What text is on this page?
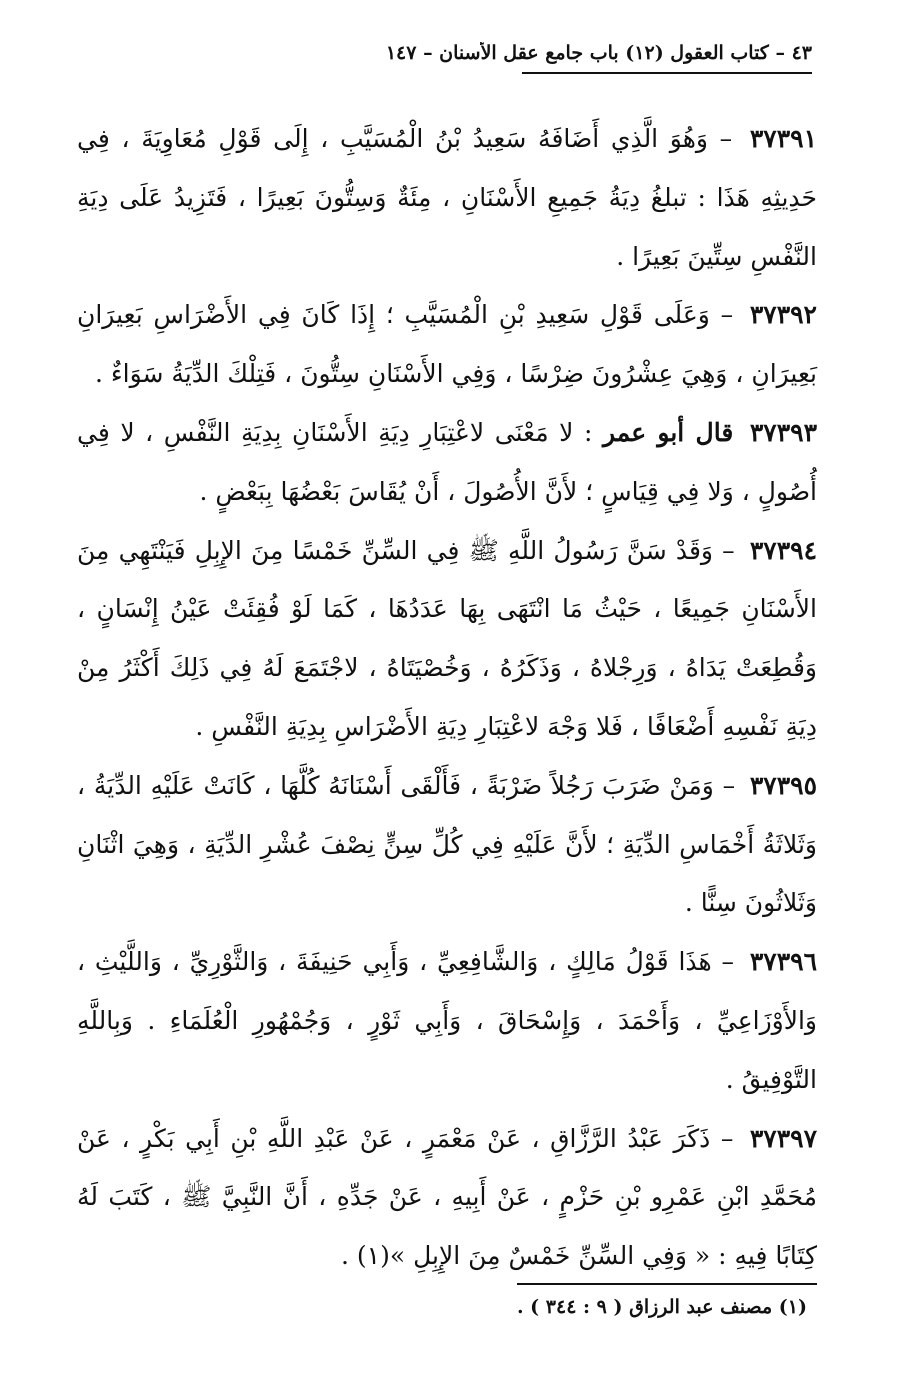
٤٣ – كتاب العقول (١٢) باب جامع عقل الأسنان – ١٤٧

٣٧٣٩١ – وَهُوَ الَّذِي أَضَافَهُ سَعِيدُ بْنُ الْمُسَيَّبِ ، إِلَى قَوْلِ مُعَاوِيَةَ ، فِي حَدِيثِهِ هَذَا : تبلغُ دِيَةُ جَمِيعِ الأَسْنَانِ ، مِئَةٌ وَسِتُّونَ بَعِيرًا ، فَتَزِيدُ عَلَى دِيَةِ النَّفْسِ سِتِّينَ بَعِيرًا .

٣٧٣٩٢ – وَعَلَى قَوْلِ سَعِيدِ بْنِ الْمُسَيَّبِ ؛ إِذَا كَانَ فِي الأَضْرَاسِ بَعِيرَانِ بَعِيرَانِ ، وَهِيَ عِشْرُونَ ضِرْسًا ، وَفِي الأَسْنَانِ سِتُّونَ ، فَتِلْكَ الدِّيَةُ سَوَاءٌ .

٣٧٣٩٣ قال أبو عمر : لا مَعْنَى لاعْتِبَارِ دِيَةِ الأَسْنَانِ بِدِيَةِ النَّفْسِ ، لا فِي أُصُولٍ ، وَلا فِي قِيَاسٍ ؛ لأَنَّ الأُصُولَ ، أَنْ يُقَاسَ بَعْضُهَا بِبَعْضٍ .

٣٧٣٩٤ – وَقَدْ سَنَّ رَسُولُ اللَّهِ ﷺ فِي السِّنِّ خَمْسًا مِنَ الإِبِلِ فَيَنْتَهِي مِنَ الأَسْنَانِ جَمِيعًا ، حَيْثُ مَا انْتَهَى بِهَا عَدَدُهَا ، كَمَا لَوْ فُقِئَتْ عَيْنُ إِنْسَانٍ ، وَقُطِعَتْ يَدَاهُ ، وَرِجْلاهُ ، وَذَكَرُهُ ، وَخُصْيَتَاهُ ، لاجْتَمَعَ لَهُ فِي ذَلِكَ أَكْثَرُ مِنْ دِيَةِ نَفْسِهِ أَضْعَافًا ، فَلا وَجْهَ لاعْتِبَارِ دِيَةِ الأَضْرَاسِ بِدِيَةِ النَّفْسِ .

٣٧٣٩٥ – وَمَنْ ضَرَبَ رَجُلاً ضَرْبَةً ، فَأَلْقَى أَسْنَانَهُ كُلَّهَا ، كَانَتْ عَلَيْهِ الدِّيَةُ ، وَثَلاثَةُ أَخْمَاسِ الدِّيَةِ ؛ لأَنَّ عَلَيْهِ فِي كُلِّ سِنٍّ نِصْفَ عُشْرِ الدِّيَةِ ، وَهِيَ اثْنَانِ وَثَلاثُونَ سِنًّا .

٣٧٣٩٦ – هَذَا قَوْلُ مَالِكٍ ، وَالشَّافِعِيِّ ، وَأَبِي حَنِيفَةَ ، وَالثَّوْرِيِّ ، وَاللَّيْثِ ، وَالأَوْزَاعِيِّ ، وَأَحْمَدَ ، وَإِسْحَاقَ ، وَأَبِي ثَوْرٍ ، وَجُمْهُورِ الْعُلَمَاءِ . وَبِاللَّهِ التَّوْفِيقُ .

٣٧٣٩٧ – ذَكَرَ عَبْدُ الرَّزَّاقِ ، عَنْ مَعْمَرٍ ، عَنْ عَبْدِ اللَّهِ بْنِ أَبِي بَكْرٍ ، عَنْ مُحَمَّدِ ابْنِ عَمْرِو بْنِ حَزْمٍ ، عَنْ أَبِيهِ ، عَنْ جَدِّهِ ، أَنَّ النَّبِيَّ ﷺ ، كَتَبَ لَهُ كِتَابًا فِيهِ : « وَفِي السِّنِّ خَمْسٌ مِنَ الإِبِلِ »(١) .

(١) مصنف عبد الرزاق ( ٩ : ٣٤٤ ) .
